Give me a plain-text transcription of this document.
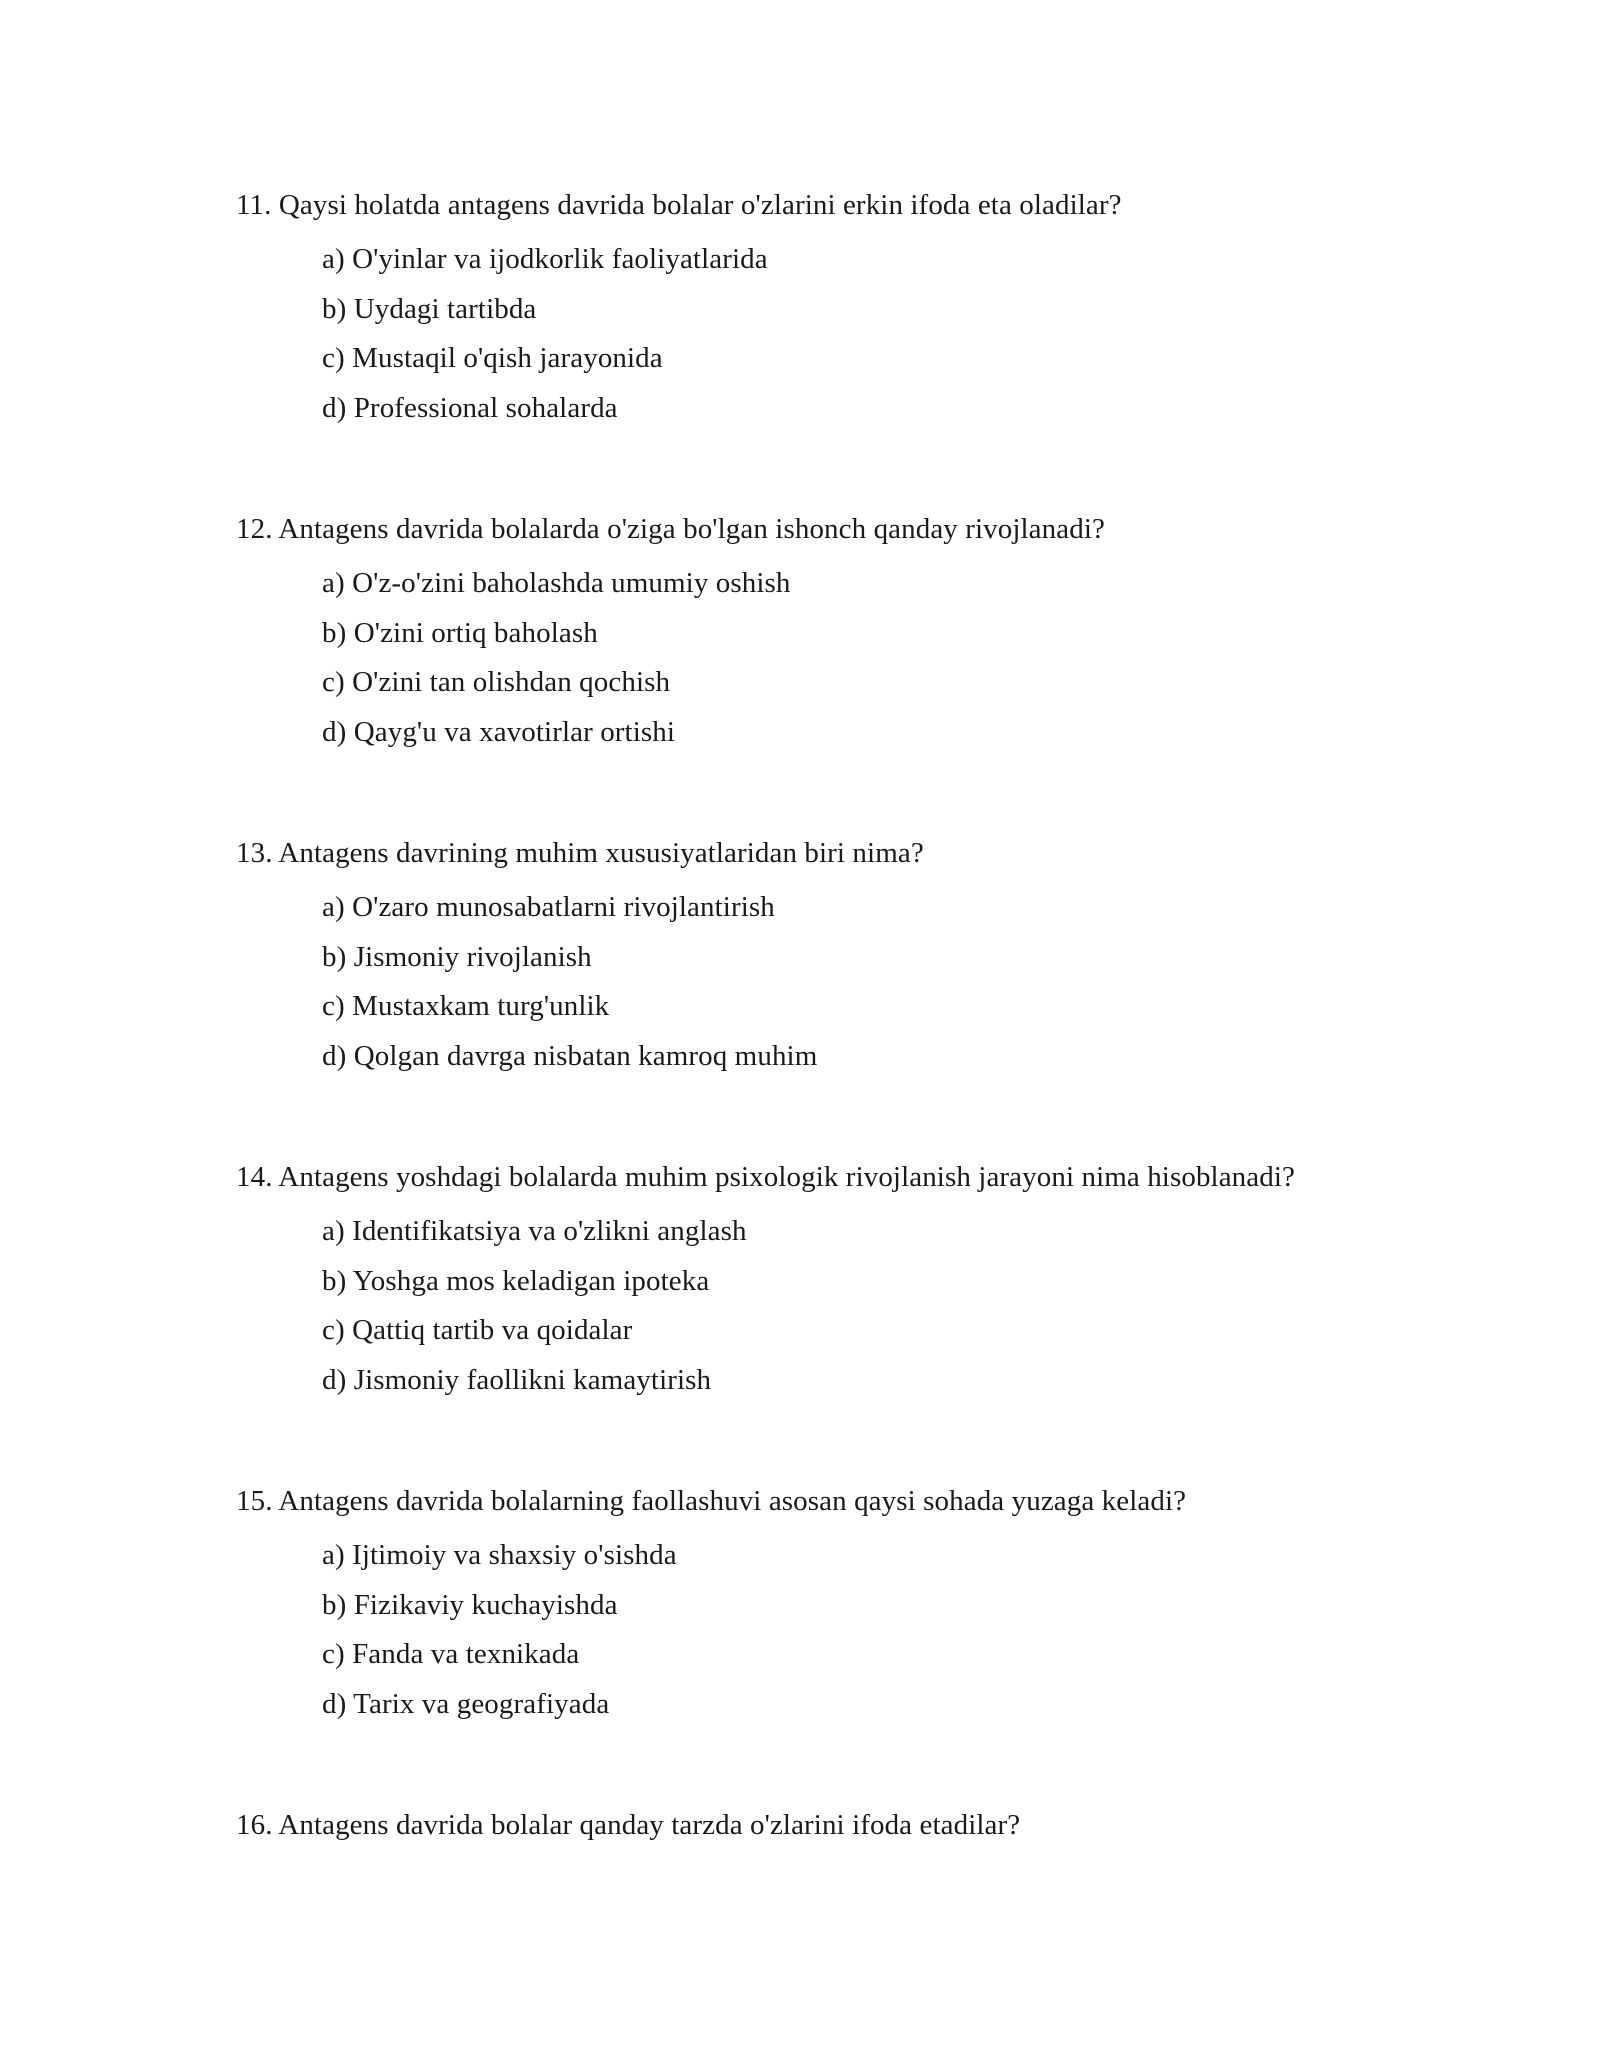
11. Qaysi holatda antagens davrida bolalar o'zlarini erkin ifoda eta oladilar?

a) O'yinlar va ijodkorlik faoliyatlarida
b) Uydagi tartibda
c) Mustaqil o'qish jarayonida
d) Professional sohalarda

12. Antagens davrida bolalarda o'ziga bo'lgan ishonch qanday rivojlanadi?

a) O'z-o'zini baholashda umumiy oshish
b) O'zini ortiq baholash
c) O'zini tan olishdan qochish
d) Qayg'u va xavotirlar ortishi

13. Antagens davrining muhim xususiyatlaridan biri nima?

a) O'zaro munosabatlarni rivojlantirish
b) Jismoniy rivojlanish
c) Mustaxkam turg'unlik
d) Qolgan davrga nisbatan kamroq muhim

14. Antagens yoshdagi bolalarda muhim psixologik rivojlanish jarayoni nima hisoblanadi?

a) Identifikatsiya va o'zlikni anglash
b) Yoshga mos keladigan ipoteka
c) Qattiq tartib va qoidalar
d) Jismoniy faollikni kamaytirish

15. Antagens davrida bolalarning faollashuvi asosan qaysi sohada yuzaga keladi?

a) Ijtimoiy va shaxsiy o'sishda
b) Fizikaviy kuchayishda
c) Fanda va texnikada
d) Tarix va geografiyada

16. Antagens davrida bolalar qanday tarzda o'zlarini ifoda etadilar?
